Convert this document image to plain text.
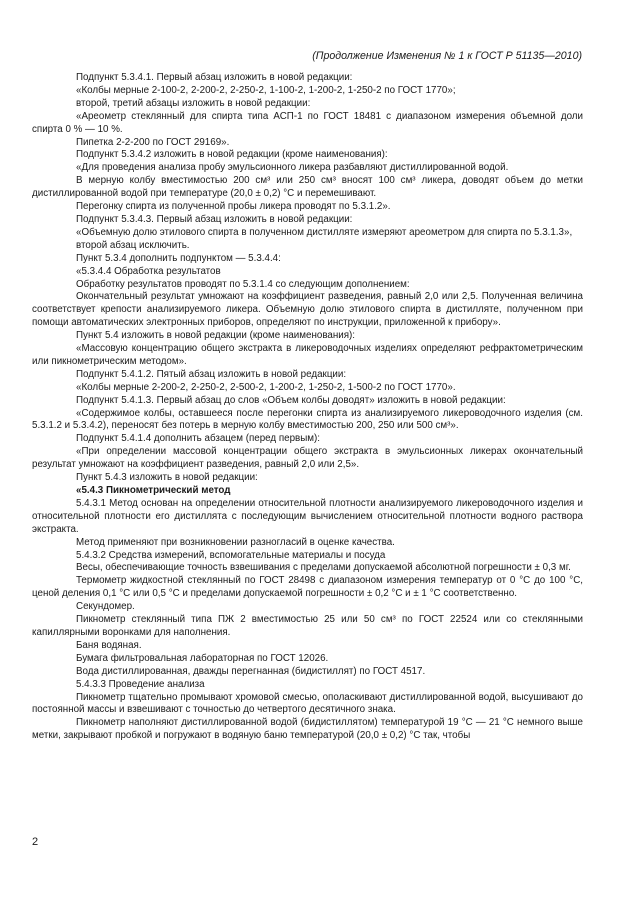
(Продолжение Изменения № 1 к ГОСТ Р 51135—2010)

Подпункт 5.3.4.1. Первый абзац изложить в новой редакции:

«Колбы мерные 2-100-2, 2-200-2, 2-250-2, 1-100-2, 1-200-2, 1-250-2 по ГОСТ 1770»;

второй, третий абзацы изложить в новой редакции:

«Ареометр стеклянный для спирта типа АСП-1 по ГОСТ 18481 с диапазоном измерения объемной доли спирта 0 % — 10 %.

Пипетка 2-2-200 по ГОСТ 29169».

Подпункт 5.3.4.2 изложить в новой редакции (кроме наименования):

«Для проведения анализа пробу эмульсионного ликера разбавляют дистиллированной водой.

В мерную колбу вместимостью 200 см³ или 250 см³ вносят 100 см³ ликера, доводят объем до метки дистиллированной водой при температуре (20,0 ± 0,2) °С и перемешивают.

Перегонку спирта из полученной пробы ликера проводят по 5.3.1.2».

Подпункт 5.3.4.3. Первый абзац изложить в новой редакции:

«Объемную долю этилового спирта в полученном дистилляте измеряют ареометром для спирта по 5.3.1.3»,

второй абзац исключить.

Пункт 5.3.4 дополнить подпунктом — 5.3.4.4:

«5.3.4.4 Обработка результатов

Обработку результатов проводят по 5.3.1.4 со следующим дополнением:

Окончательный результат умножают на коэффициент разведения, равный 2,0 или 2,5. Полученная величина соответствует крепости анализируемого ликера. Объемную долю этилового спирта в дистилляте, полученном при помощи автоматических электронных приборов, определяют по инструкции, приложенной к прибору».

Пункт 5.4 изложить в новой редакции (кроме наименования):

«Массовую концентрацию общего экстракта в ликероводочных изделиях определяют рефрактометрическим или пикнометрическим методом».

Подпункт 5.4.1.2. Пятый абзац изложить в новой редакции:

«Колбы мерные 2-200-2, 2-250-2, 2-500-2, 1-200-2, 1-250-2, 1-500-2 по ГОСТ 1770».

Подпункт 5.4.1.3. Первый абзац до слов «Объем колбы доводят» изложить в новой редакции:

«Содержимое колбы, оставшееся после перегонки спирта из анализируемого ликероводочного изделия (см. 5.3.1.2 и 5.3.4.2), переносят без потерь в мерную колбу вместимостью 200, 250 или 500 см³».

Подпункт 5.4.1.4 дополнить абзацем (перед первым):

«При определении массовой концентрации общего экстракта в эмульсионных ликерах окончательный результат умножают на коэффициент разведения, равный 2,0 или 2,5».

Пункт 5.4.3 изложить в новой редакции:

«5.4.3 Пикнометрический метод

5.4.3.1 Метод основан на определении относительной плотности анализируемого ликероводочного изделия и относительной плотности его дистиллята с последующим вычислением относительной плотности водного раствора экстракта.

Метод применяют при возникновении разногласий в оценке качества.

5.4.3.2 Средства измерений, вспомогательные материалы и посуда

Весы, обеспечивающие точность взвешивания с пределами допускаемой абсолютной погрешности ± 0,3 мг.

Термометр жидкостной стеклянный по ГОСТ 28498 с диапазоном измерения температур от 0 °С до 100 °С, ценой деления 0,1 °С или 0,5 °С и пределами допускаемой погрешности ± 0,2 °С и ± 1 °С соответственно.

Секундомер.

Пикнометр стеклянный типа ПЖ 2 вместимостью 25 или 50 см³ по ГОСТ 22524 или со стеклянными капиллярными воронками для наполнения.

Баня водяная.

Бумага фильтровальная лабораторная по ГОСТ 12026.

Вода дистиллированная, дважды перегнанная (бидистиллят) по ГОСТ 4517.

5.4.3.3 Проведение анализа

Пикнометр тщательно промывают хромовой смесью, ополаскивают дистиллированной водой, высушивают до постоянной массы и взвешивают с точностью до четвертого десятичного знака.

Пикнометр наполняют дистиллированной водой (бидистиллятом) температурой 19 °С — 21 °С немного выше метки, закрывают пробкой и погружают в водяную баню температурой (20,0 ± 0,2) °С так, чтобы

2
